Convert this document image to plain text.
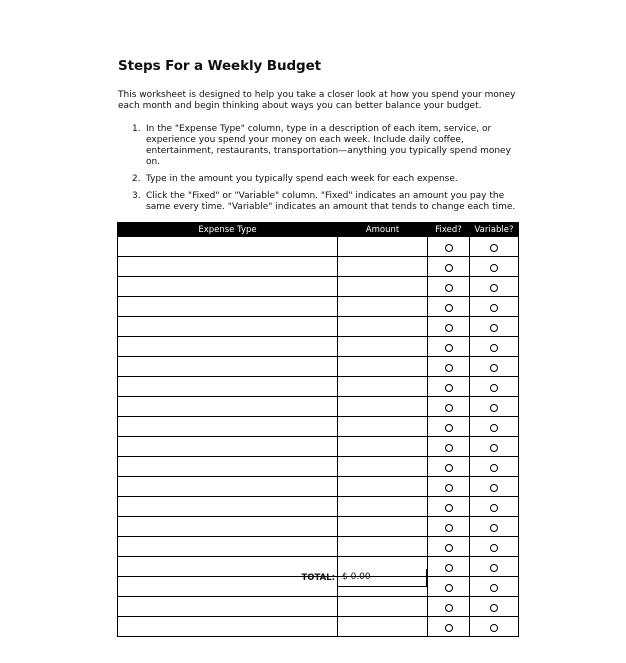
Steps For a Weekly Budget

This worksheet is designed to help you take a closer look at how you spend your money each month and begin thinking about ways you can better balance your budget.

1. In the "Expense Type" column, type in a description of each item, service, or experience you spend your money on each week. Include daily coffee, entertainment, restaurants, transportation—anything you typically spend money on.
2. Type in the amount you typically spend each week for each expense.
3. Click the "Fixed" or "Variable" column. "Fixed" indicates an amount you pay the same every time. "Variable" indicates an amount that tends to change each time.
Expense Type	Amount	Fixed?	Variable?

TOTAL: $ 0.00
